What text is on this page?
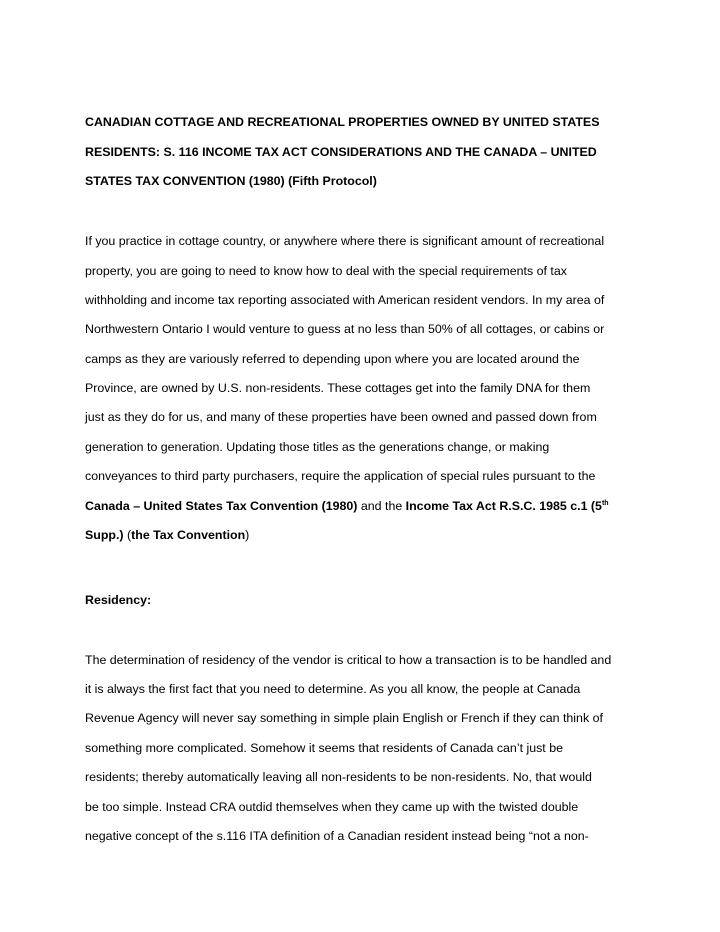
CANADIAN COTTAGE AND RECREATIONAL PROPERTIES OWNED BY UNITED STATES
RESIDENTS: S. 116 INCOME TAX ACT CONSIDERATIONS AND THE CANADA – UNITED
STATES TAX CONVENTION (1980) (Fifth Protocol)
If you practice in cottage country, or anywhere where there is significant amount of recreational
property, you are going to need to know how to deal with the special requirements of tax
withholding and income tax reporting associated with American resident vendors. In my area of
Northwestern Ontario I would venture to guess at no less than 50% of all cottages, or cabins or
camps as they are variously referred to depending upon where you are located around the
Province, are owned by U.S. non-residents. These cottages get into the family DNA for them
just as they do for us, and many of these properties have been owned and passed down from
generation to generation. Updating those titles as the generations change, or making
conveyances to third party purchasers, require the application of special rules pursuant to the
Canada – United States Tax Convention (1980) and the Income Tax Act R.S.C. 1985 c.1 (5th
Supp.) (the Tax Convention)
Residency:
The determination of residency of the vendor is critical to how a transaction is to be handled and
it is always the first fact that you need to determine. As you all know, the people at Canada
Revenue Agency will never say something in simple plain English or French if they can think of
something more complicated. Somehow it seems that residents of Canada can’t just be
residents; thereby automatically leaving all non-residents to be non-residents. No, that would
be too simple. Instead CRA outdid themselves when they came up with the twisted double
negative concept of the s.116 ITA definition of a Canadian resident instead being “not a non-
